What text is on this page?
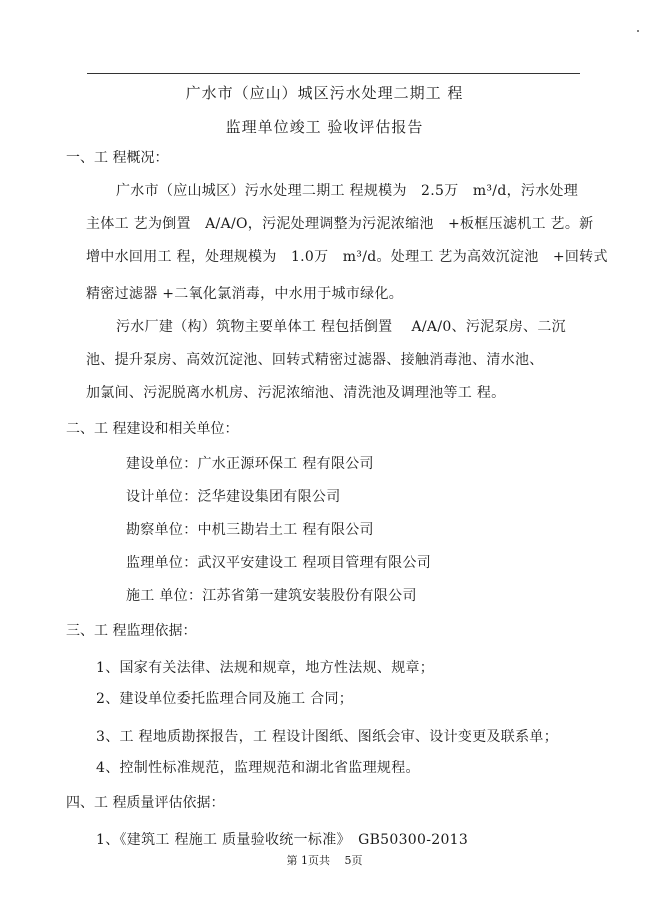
广水市（应山）城区污水处理二期工 程
监理单位竣工 验收评估报告
一、工 程概况：
广水市（应山城区）污水处理二期工 程规模为　2.5万　m³/d，污水处理
主体工 艺为倒置　A/A/O，污泥处理调整为污泥浓缩池　+板框压滤机工 艺。新
增中水回用工 程，处理规模为　1.0万　m³/d。处理工 艺为高效沉淀池　+回转式
精密过滤器 +二氧化氯消毒，中水用于城市绿化。
污水厂建（构）筑物主要单体工 程包括倒置　 A/A/0、污泥泵房、二沉
池、提升泵房、高效沉淀池、回转式精密过滤器、接触消毒池、清水池、
加氯间、污泥脱离水机房、污泥浓缩池、清洗池及调理池等工 程。
二、工 程建设和相关单位：
建设单位：广水正源环保工 程有限公司
设计单位：泛华建设集团有限公司
勘察单位：中机三勘岩土工 程有限公司
监理单位：武汉平安建设工 程项目管理有限公司
施工 单位：江苏省第一建筑安装股份有限公司
三、工 程监理依据：
1、国家有关法律、法规和规章，地方性法规、规章；
2、建设单位委托监理合同及施工 合同；
3、工 程地质勘探报告，工 程设计图纸、图纸会审、设计变更及联系单；
4、控制性标准规范，监理规范和湖北省监理规程。
四、工 程质量评估依据：
1、《建筑工 程施工 质量验收统一标准》　GB50300-2013
第 1页共　 5页
